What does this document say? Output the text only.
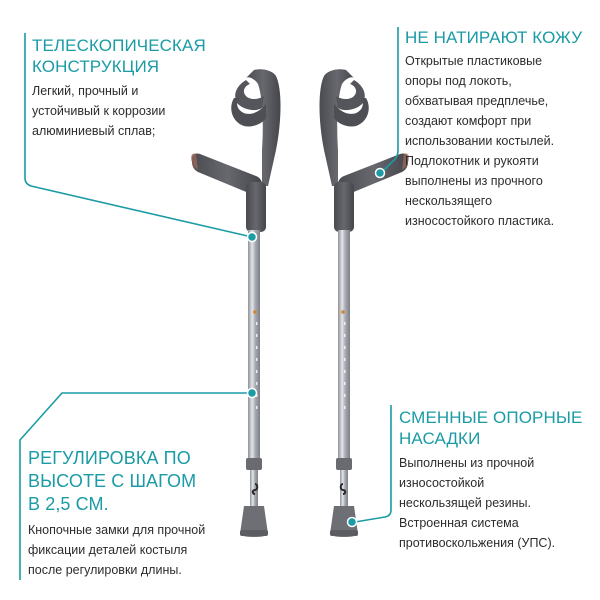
ТЕЛЕСКОПИЧЕСКАЯ
КОНСТРУКЦИЯ
Легкий, прочный и
устойчивый к коррозии
алюминиевый сплав;
НЕ НАТИРАЮТ КОЖУ
Открытые пластиковые
опоры под локоть,
обхватывая предплечье,
создают комфорт при
использовании костылей.
Подлокотник и рукояти
выполнены из прочного
нескользящего
износостойкого пластика.
РЕГУЛИРОВКА ПО
ВЫСОТЕ С ШАГОМ
В 2,5 СМ.
Кнопочные замки для прочной
фиксации деталей костыля
после регулировки длины.
СМЕННЫЕ ОПОРНЫЕ
НАСАДКИ
Выполнены из прочной
износостойкой
нескользящей резины.
Встроенная система
противоскольжения (УПС).
